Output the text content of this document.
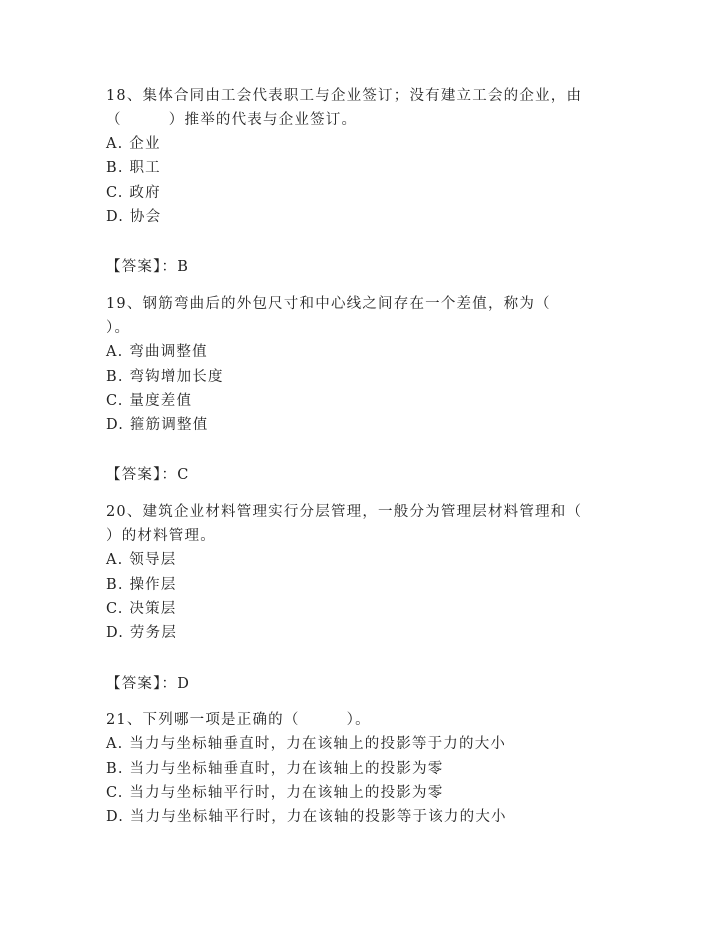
18、集体合同由工会代表职工与企业签订；没有建立工会的企业，由
（　　　）推举的代表与企业签订。
A. 企业
B. 职工
C. 政府
D. 协会
【答案】：B
19、钢筋弯曲后的外包尺寸和中心线之间存在一个差值，称为（
）。
A. 弯曲调整值
B. 弯钩增加长度
C. 量度差值
D. 箍筋调整值
【答案】：C
20、建筑企业材料管理实行分层管理，一般分为管理层材料管理和（
）的材料管理。
A. 领导层
B. 操作层
C. 决策层
D. 劳务层
【答案】：D
21、下列哪一项是正确的（　　　）。
A. 当力与坐标轴垂直时，力在该轴上的投影等于力的大小
B. 当力与坐标轴垂直时，力在该轴上的投影为零
C. 当力与坐标轴平行时，力在该轴上的投影为零
D. 当力与坐标轴平行时，力在该轴的投影等于该力的大小
